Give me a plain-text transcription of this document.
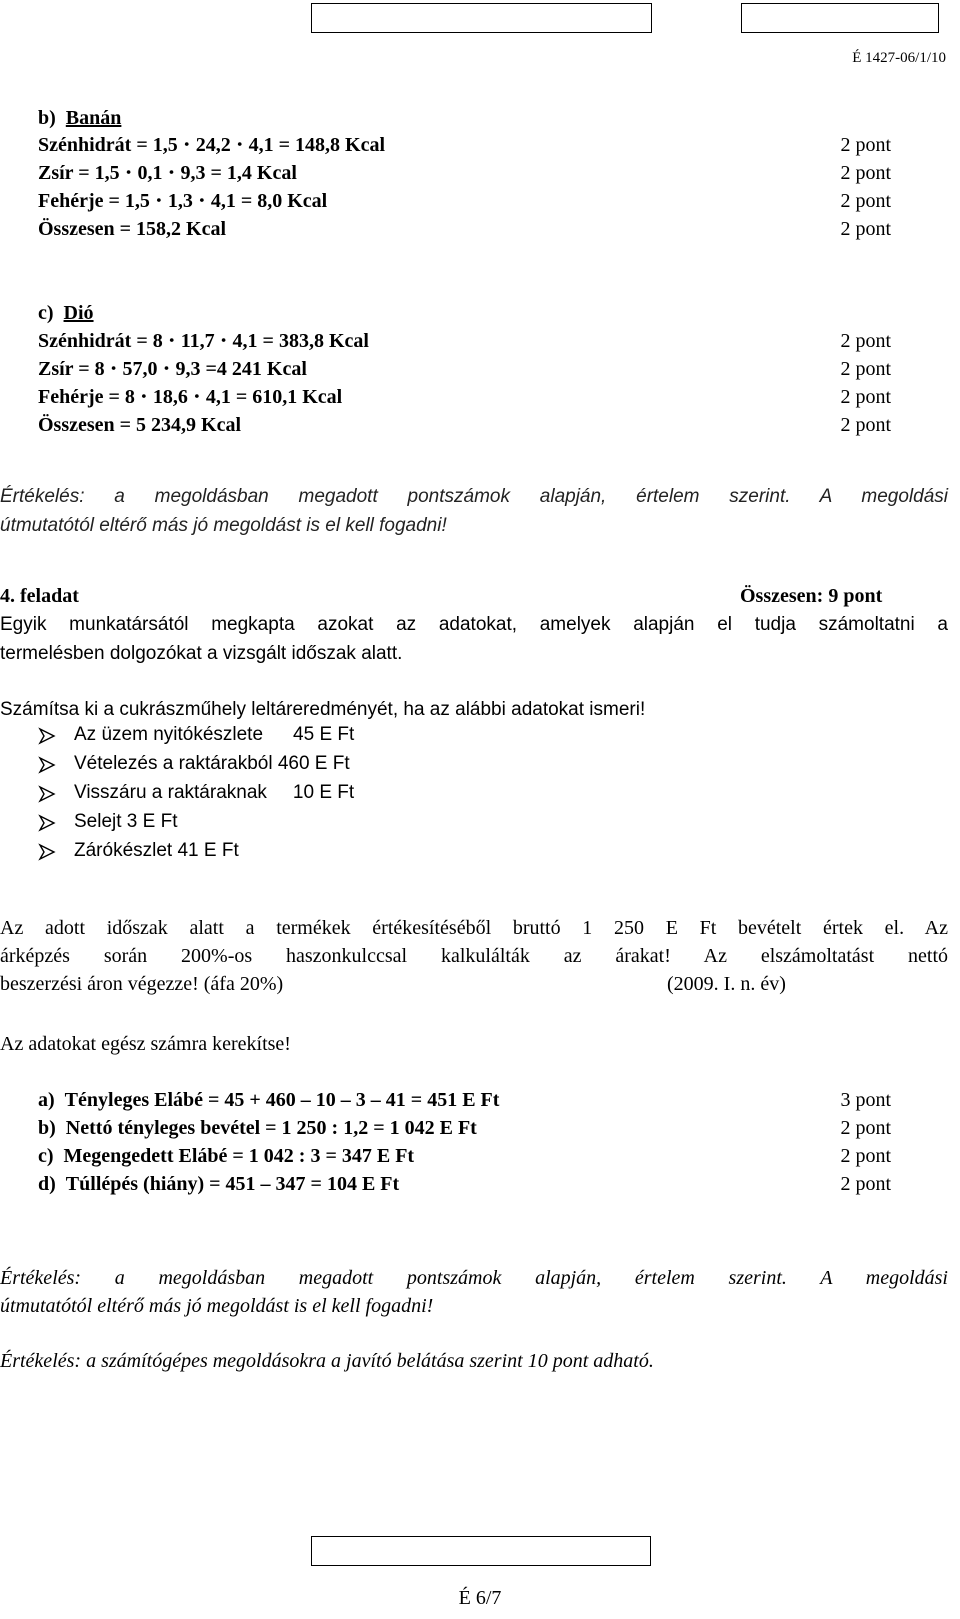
É 1427-06/1/10
b) Banán
Szénhidrát = 1,5 ⋅ 24,2 ⋅ 4,1 = 148,8 Kcal	2 pont
Zsír = 1,5 ⋅ 0,1 ⋅ 9,3 = 1,4 Kcal	2 pont
Fehérje = 1,5 ⋅ 1,3 ⋅ 4,1 = 8,0 Kcal	2 pont
Összesen = 158,2 Kcal	2 pont
c) Dió
Szénhidrát = 8 ⋅ 11,7 ⋅ 4,1 = 383,8 Kcal	2 pont
Zsír = 8 ⋅ 57,0 ⋅ 9,3 =4 241 Kcal	2 pont
Fehérje = 8 ⋅ 18,6 ⋅ 4,1 = 610,1 Kcal	2 pont
Összesen = 5 234,9 Kcal	2 pont
Értékelés: a megoldásban megadott pontszámok alapján, értelem szerint. A megoldási
útmutatótól eltérő más jó megoldást is el kell fogadni!
4. feladat	Összesen: 9 pont
Egyik munkatársától megkapta azokat az adatokat, amelyek alapján el tudja számoltatni a
termelésben dolgozókat a vizsgált időszak alatt.
Számítsa ki a cukrászműhely leltáreredményét, ha az alábbi adatokat ismeri!
Az üzem nyitókészlete 45 E Ft
Vételezés a raktárakból 460 E Ft
Visszáru a raktáraknak 10 E Ft
Selejt 3 E Ft
Zárókészlet 41 E Ft
Az adott időszak alatt a termékek értékesítéséből bruttó 1 250 E Ft bevételt értek el. Az
árképzés során 200%-os haszonkulccsal kalkulálták az árakat! Az elszámoltatást nettó
beszerzési áron végezze! (áfa 20%)	(2009. I. n. év)
Az adatokat egész számra kerekítse!
a) Tényleges Elábé = 45 + 460 – 10 – 3 – 41 = 451 E Ft	3 pont
b) Nettó tényleges bevétel = 1 250 : 1,2 = 1 042 E Ft	2 pont
c) Megengedett Elábé = 1 042 : 3 = 347 E Ft	2 pont
d) Túllépés (hiány) = 451 – 347 = 104 E Ft	2 pont
Értékelés: a megoldásban megadott pontszámok alapján, értelem szerint. A megoldási
útmutatótól eltérő más jó megoldást is el kell fogadni!
Értékelés: a számítógépes megoldásokra a javító belátása szerint 10 pont adható.
É 6/7
